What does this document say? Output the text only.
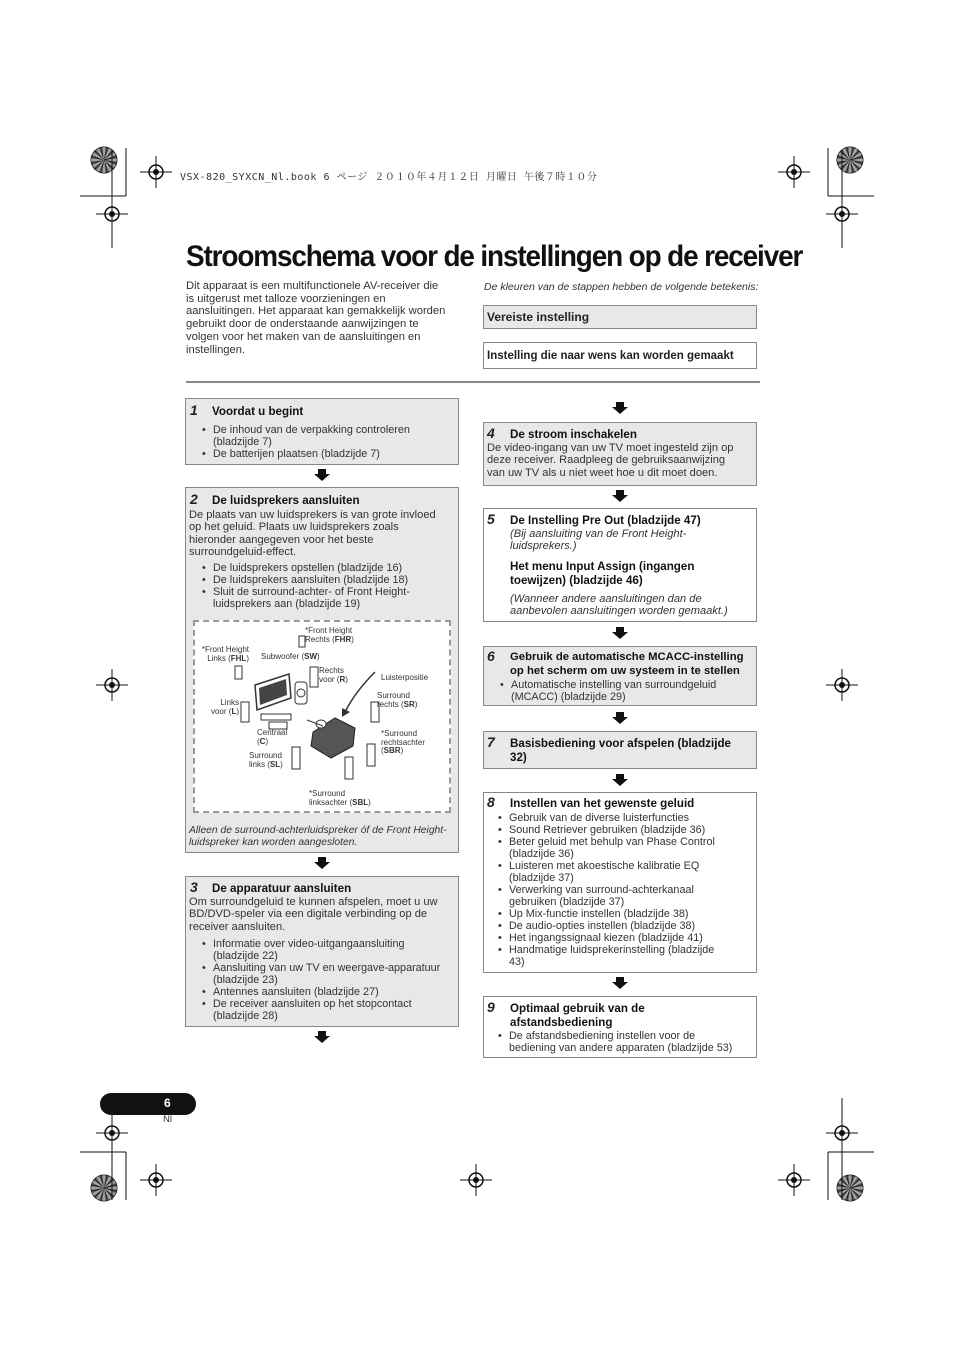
VSX-820_SYXCN_Nl.book 6 ページ ２０１０年４月１２日 月曜日 午後７時１０分
Stroomschema voor de instellingen op de receiver
Dit apparaat is een multifunctionele AV-receiver die
is uitgerust met talloze voorzieningen en
aansluitingen. Het apparaat kan gemakkelijk worden
gebruikt door de onderstaande aanwijzingen te
volgen voor het maken van de aansluitingen en
instellingen.
De kleuren van de stappen hebben de volgende betekenis:
Vereiste instelling
Instelling die naar wens kan worden gemaakt
1 Voordat u begint
• De inhoud van de verpakking controleren
(bladzijde 7)
• De batterijen plaatsen (bladzijde 7)
2 De luidsprekers aansluiten
De plaats van uw luidsprekers is van grote invloed
op het geluid. Plaats uw luidsprekers zoals
hieronder aangegeven voor het beste
surroundgeluid-effect.
• De luidsprekers opstellen (bladzijde 16)
• De luidsprekers aansluiten (bladzijde 18)
• Sluit de surround-achter- of Front Height-
luidsprekers aan (bladzijde 19)
*Front Height
Rechts (FHR)
*Front Height
Links (FHL) Subwoofer (SW)
Rechts
voor (R)	Luisterpositie
Links
voor (L)
Surround
rechts (SR)
Centraal
(C)
*Surround
rechtsachter
(SBR)
Surround
links (SL)
*Surround
linksachter (SBL)
Alleen de surround-achterluidspreker óf de Front Height-
luidspreker kan worden aangesloten.
3 De apparatuur aansluiten
Om surroundgeluid te kunnen afspelen, moet u uw
BD/DVD-speler via een digitale verbinding op de
receiver aansluiten.
• Informatie over video-uitgangaansluiting
(bladzijde 22)
• Aansluiting van uw TV en weergave-apparatuur
(bladzijde 23)
• Antennes aansluiten (bladzijde 27)
• De receiver aansluiten op het stopcontact
(bladzijde 28)
4 De stroom inschakelen
De video-ingang van uw TV moet ingesteld zijn op
deze receiver. Raadpleeg de gebruiksaanwijzing
van uw TV als u niet weet hoe u dit moet doen.
5 De Instelling Pre Out (bladzijde 47)
(Bij aansluiting van de Front Height-
luidsprekers.)
Het menu Input Assign (ingangen
toewijzen) (bladzijde 46)
(Wanneer andere aansluitingen dan de
aanbevolen aansluitingen worden gemaakt.)
6 Gebruik de automatische MCACC-instelling
op het scherm om uw systeem in te stellen
• Automatische instelling van surroundgeluid
(MCACC) (bladzijde 29)
7 Basisbediening voor afspelen (bladzijde
32)
8 Instellen van het gewenste geluid
• Gebruik van de diverse luisterfuncties
• Sound Retriever gebruiken (bladzijde 36)
• Beter geluid met behulp van Phase Control
(bladzijde 36)
• Luisteren met akoestische kalibratie EQ
(bladzijde 37)
• Verwerking van surround-achterkanaal
gebruiken (bladzijde 37)
• Up Mix-functie instellen (bladzijde 38)
• De audio-opties instellen (bladzijde 38)
• Het ingangssignaal kiezen (bladzijde 41)
• Handmatige luidsprekerinstelling (bladzijde
43)
9 Optimaal gebruik van de
afstandsbediening
• De afstandsbediening instellen voor de
bediening van andere apparaten (bladzijde 53)
6
Nl
